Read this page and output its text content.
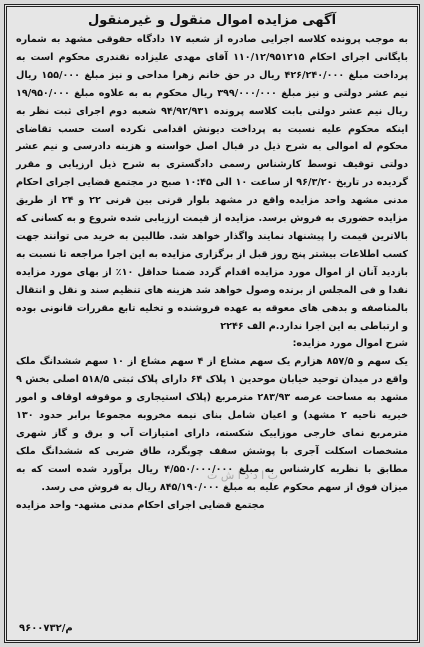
آگهی مزایده اموال منقول و غیرمنقول

به موجب پرونده کلاسه اجرایی صادره از شعبه ۱۷ دادگاه حقوقی مشهد به شماره بایگانی اجرای احکام ۱۱۰/۱۲/۹۵۱۲۱۵ آقای مهدی علیزاده نقندری محکوم است به پرداخت مبلغ ۴۲۶/۲۴۰/۰۰۰ ریال در حق خانم زهرا مداحی و نیز مبلغ ۱۵۵/۰۰۰ ریال نیم عشر دولتی و نیز مبلغ ۳۹۹/۰۰۰/۰۰۰ ریال محکوم به به علاوه مبلغ ۱۹/۹۵۰/۰۰۰ ریال نیم عشر دولتی بابت کلاسه پرونده ۹۴/۹۲/۹۳۱ شعبه دوم اجرای ثبت نظر به اینکه محکوم علیه نسبت به پرداخت دیونش اقدامی نکرده است حسب تقاضای محکوم له اموالی به شرح ذیل در قبال اصل خواسته و هزینه دادرسی و نیم عشر دولتی توقیف توسط کارشناس رسمی دادگستری به شرح ذیل ارزیابی و مقرر گردیده در تاریخ ۹۶/۳/۲۰ از ساعت ۱۰ الی ۱۰:۴۵ صبح در مجتمع قضایی اجرای احکام مدنی مشهد واحد مزایده واقع در مشهد بلوار قرنی بین قرنی ۲۲ و ۲۴ از طریق مزایده حضوری به فروش برسد. مزایده از قیمت ارزیابی شده شروع و به کسانی که بالاترین قیمت را پیشنهاد نمایند واگذار خواهد شد. طالبین به خرید می توانند جهت کسب اطلاعات بیشتر پنج روز قبل از برگزاری مزایده به این اجرا مراجعه تا نسبت به بازدید آنان از اموال مورد مزایده اقدام گردد ضمنا حداقل ۱۰٪ از بهای مورد مزایده نقدا و فی المجلس از برنده وصول خواهد شد هزینه های تنظیم سند و نقل و انتقال بالمناصفه و بدهی های معوقه به عهده فروشنده و تخلیه تابع مقررات قانونی بوده و ارتباطی به این اجرا ندارد.م الف ۲۲۴۶

شرح اموال مورد مزایده:

یک سهم و ۸۵۷/۵ هزارم یک سهم مشاع از ۴ سهم مشاع از ۱۰ سهم ششدانگ ملک واقع در میدان توحید خیابان موحدین ۱ پلاک ۶۴ دارای پلاک ثبتی ۵۱۸/۵ اصلی بخش ۹ مشهد به مساحت عرصه ۲۸۳/۹۳ مترمربع (پلاک استیجاری و موقوفه اوقاف و امور خیریه ناحیه ۲ مشهد) و اعیان شامل بنای نیمه مخروبه مجموعا برابر حدود ۱۳۰ مترمربع نمای خارجی موزاییک شکسته، دارای امتیازات آب و برق و گاز شهری مشخصات اسکلت آجری با پوشش سقف چوبگرد، طاق ضربی که ششدانگ ملک مطابق با نظریه کارشناس به مبلغ ۴/۵۵۰/۰۰۰/۰۰۰ ریال برآورد شده است که به میزان فوق از سهم محکوم علیه به مبلغ ۸۴۵/۱۹۰/۰۰۰ ریال به فروش می رسد.

مجتمع قضایی اجرای احکام مدنی مشهد- واحد مزایده
م/۹۶۰۰۷۳۲
ب ا د د ا ش ت
